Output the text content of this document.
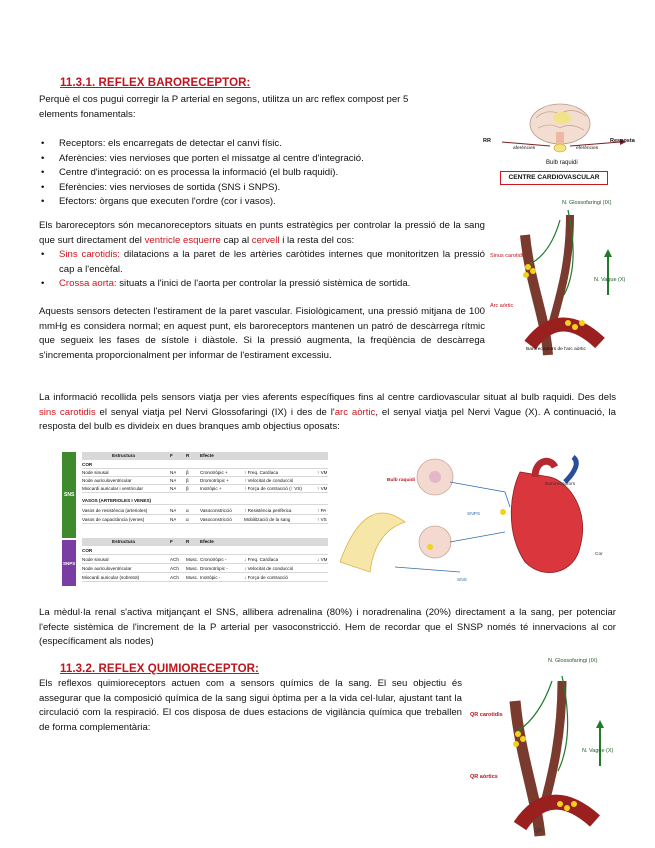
11.3.1. REFLEX BARORECEPTOR:
Perquè el cos pugui corregir la P arterial en segons, utilitza un arc reflex compost per 5
elements fonamentals:
• Receptors: els encarregats de detectar el canvi físic.
• Aferències: vies nervioses que porten el missatge al centre d'integració.
• Centre d'integració: on es processa la informació (el bulb raquidi).
• Eferències: vies nervioses de sortida (SNS i SNPS).
• Efectors: òrgans que executen l'ordre (cor i vasos).
Els baroreceptors són mecanoreceptors situats en punts estratègics per controlar la pressió de la sang que surt directament del ventricle esquerre cap al cervell i la resta del cos:
• Sins carotidis: dilatacions a la paret de les artèries caròtides internes que monitoritzen la pressió cap a l'encèfal.
• Crossa aorta: situats a l'inici de l'aorta per controlar la pressió sistèmica de sortida.
Aquests sensors detecten l'estirament de la paret vascular. Fisiològicament, una pressió mitjana de 100 mmHg es considera normal; en aquest punt, els baroreceptors mantenen un patró de descàrrega rítmic que segueix les fases de sístole i diàstole. Si la pressió augmenta, la freqüència de descàrrega s'incrementa proporcionalment per informar de l'estirament excessiu.
La informació recollida pels sensors viatja per vies aferents específiques fins al centre cardiovascular situat al bulb raquidi. Des dels sins carotidis el senyal viatja pel Nervi Glossofaringi (IX) i des de l'arc aòrtic, el senyal viatja pel Nervi Vague (X). A continuació, la resposta del bulb es divideix en dues branques amb objectius oposats:
La mèdul·la renal s'activa mitjançant el SNS, allibera adrenalina (80%) i noradrenalina (20%) directament a la sang, per potenciar l'efecte sistèmica de l'increment de la P arterial per vasoconstricció. Hem de recordar que el SNSP només té innervacions al cor (específicament als nodes)
11.3.2. REFLEX QUIMIORECEPTOR:
Els reflexos quimioreceptors actuen com a sensors químics de la sang. El seu objectiu és assegurar que la composició química de la sang sigui òptima per a la vida cel·lular, ajustant tant la circulació com la respiració. El cos disposa de dues estacions de vigilància química que treballen de forma complementària:
RR	Resposta
aferències	eferències
Bulb raquidi
CENTRE CARDIOVASCULAR
N. Glossofaringi (IX)
N. Vague (X)
Sinus carotidi
Arc aòrtic
Baroreceptors de l'arc aòrtic
SNS
SNPS
Estructura	F	R Efecte
COR
Node sinusal	NA β Cronotròpic +	↑ Freq. Cardíaca	↑ VM
Node auriculoventricular	NA β Dromotròpic +	↑ Velocitat de conducció
Miocardi auricular i ventricular	NA β Inotròpic +	↑ Força de contracció (↑ VS)	↑ VM
VASOS (ARTERIOLES I VENES)
Vasos de resistència (arterioles)	NA α Vasoconstricció	↑ Resistència perifèrica	↑ PA
Vasos de capacitància (venes)	NA α Vasoconstricció	Mobilització de la sang	↑ VS
Estructura	F	R Efecte
COR
Node sinusal	ACh Musc. Cronotròpic -	↓ Freq. Cardíaca	↓ VM
Node auriculoventricular	ACh Musc. Dromotròpic -	↓ Velocitat de conducció
Miocardi auricular (sobretot)	ACh Musc. Inotròpic -	↓ Força de contracció
Bulb raquidi
SNPS
SNS
Baroreceptors
Cor
N. Glossofaringi (IX)
N. Vague (X)
QR carotidis
QR aòrtics
QR
